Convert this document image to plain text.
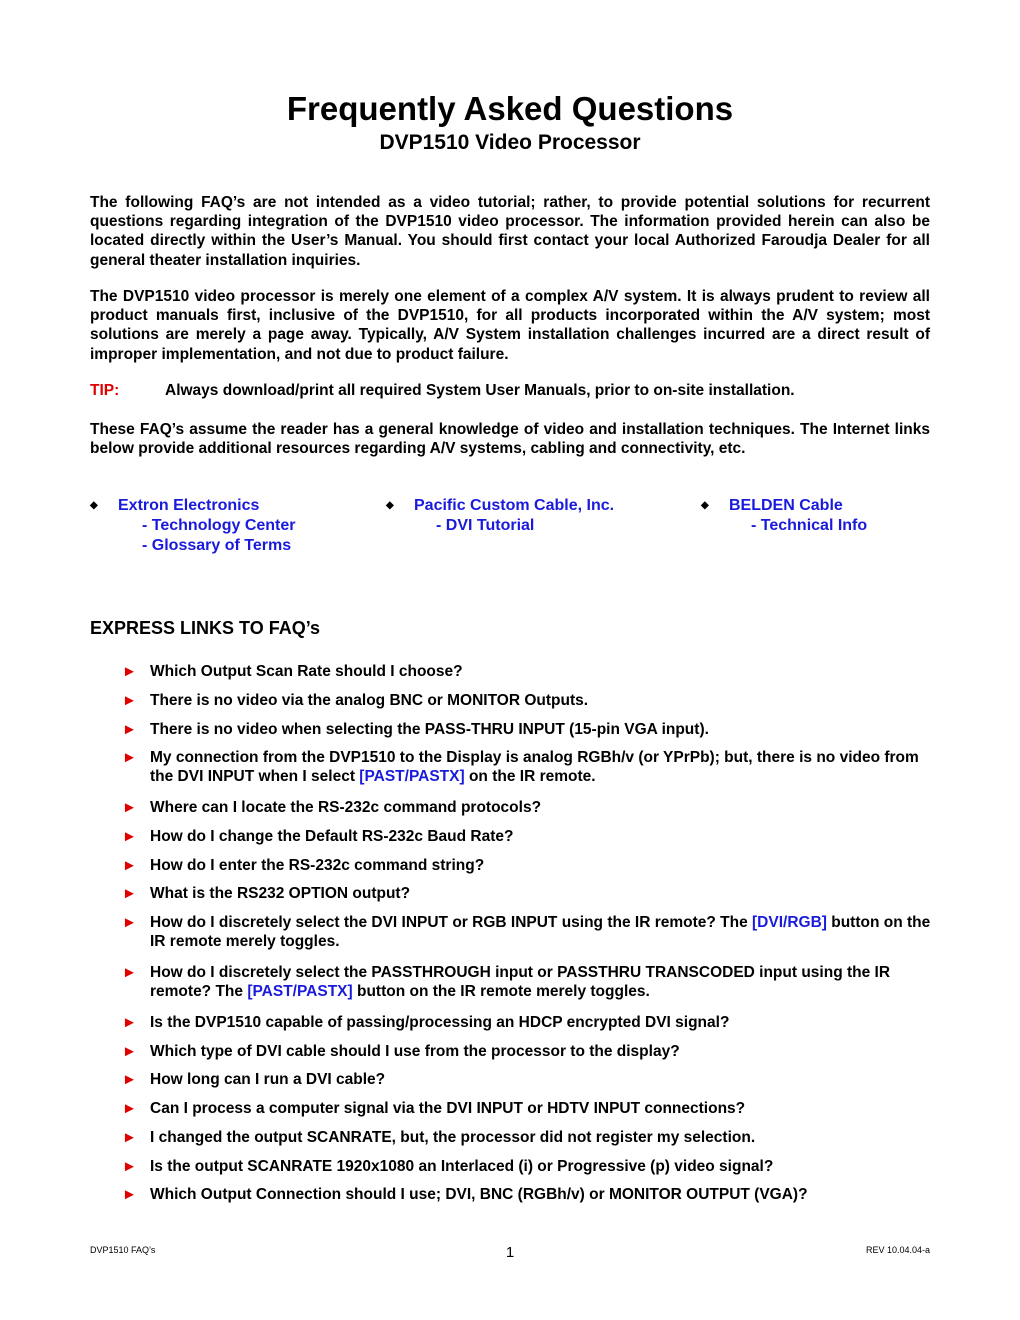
Frequently Asked Questions
DVP1510 Video Processor

The following FAQ’s are not intended as a video tutorial; rather, to provide potential solutions for recurrent questions regarding integration of the DVP1510 video processor. The information provided herein can also be located directly within the User’s Manual. You should first contact your local Authorized Faroudja Dealer for all general theater installation inquiries.

The DVP1510 video processor is merely one element of a complex A/V system. It is always prudent to review all product manuals first, inclusive of the DVP1510, for all products incorporated within the A/V system; most solutions are merely a page away. Typically, A/V System installation challenges incurred are a direct result of improper implementation, and not due to product failure.

TIP:	Always download/print all required System User Manuals, prior to on-site installation.

These FAQ’s assume the reader has a general knowledge of video and installation techniques. The Internet links below provide additional resources regarding A/V systems, cabling and connectivity, etc.

◆ Extron Electronics
- Technology Center
- Glossary of Terms
◆ Pacific Custom Cable, Inc.
- DVI Tutorial
◆ BELDEN Cable
- Technical Info
EXPRESS LINKS TO FAQ’s
► Which Output Scan Rate should I choose?
► There is no video via the analog BNC or MONITOR Outputs.
► There is no video when selecting the PASS-THRU INPUT (15-pin VGA input).
► My connection from the DVP1510 to the Display is analog RGBh/v (or YPrPb); but, there is no video from the DVI INPUT when I select [PAST/PASTX] on the IR remote.
► Where can I locate the RS-232c command protocols?
► How do I change the Default RS-232c Baud Rate?
► How do I enter the RS-232c command string?
► What is the RS232 OPTION output?
► How do I discretely select the DVI INPUT or RGB INPUT using the IR remote? The [DVI/RGB] button on the IR remote merely toggles.
► How do I discretely select the PASSTHROUGH input or PASSTHRU TRANSCODED input using the IR remote? The [PAST/PASTX] button on the IR remote merely toggles.
► Is the DVP1510 capable of passing/processing an HDCP encrypted DVI signal?
► Which type of DVI cable should I use from the processor to the display?
► How long can I run a DVI cable?
► Can I process a computer signal via the DVI INPUT or HDTV INPUT connections?
► I changed the output SCANRATE, but, the processor did not register my selection.
► Is the output SCANRATE 1920x1080 an Interlaced (i) or Progressive (p) video signal?
► Which Output Connection should I use; DVI, BNC (RGBh/v) or MONITOR OUTPUT (VGA)?
DVP1510 FAQ’s	1	REV 10.04.04-a
